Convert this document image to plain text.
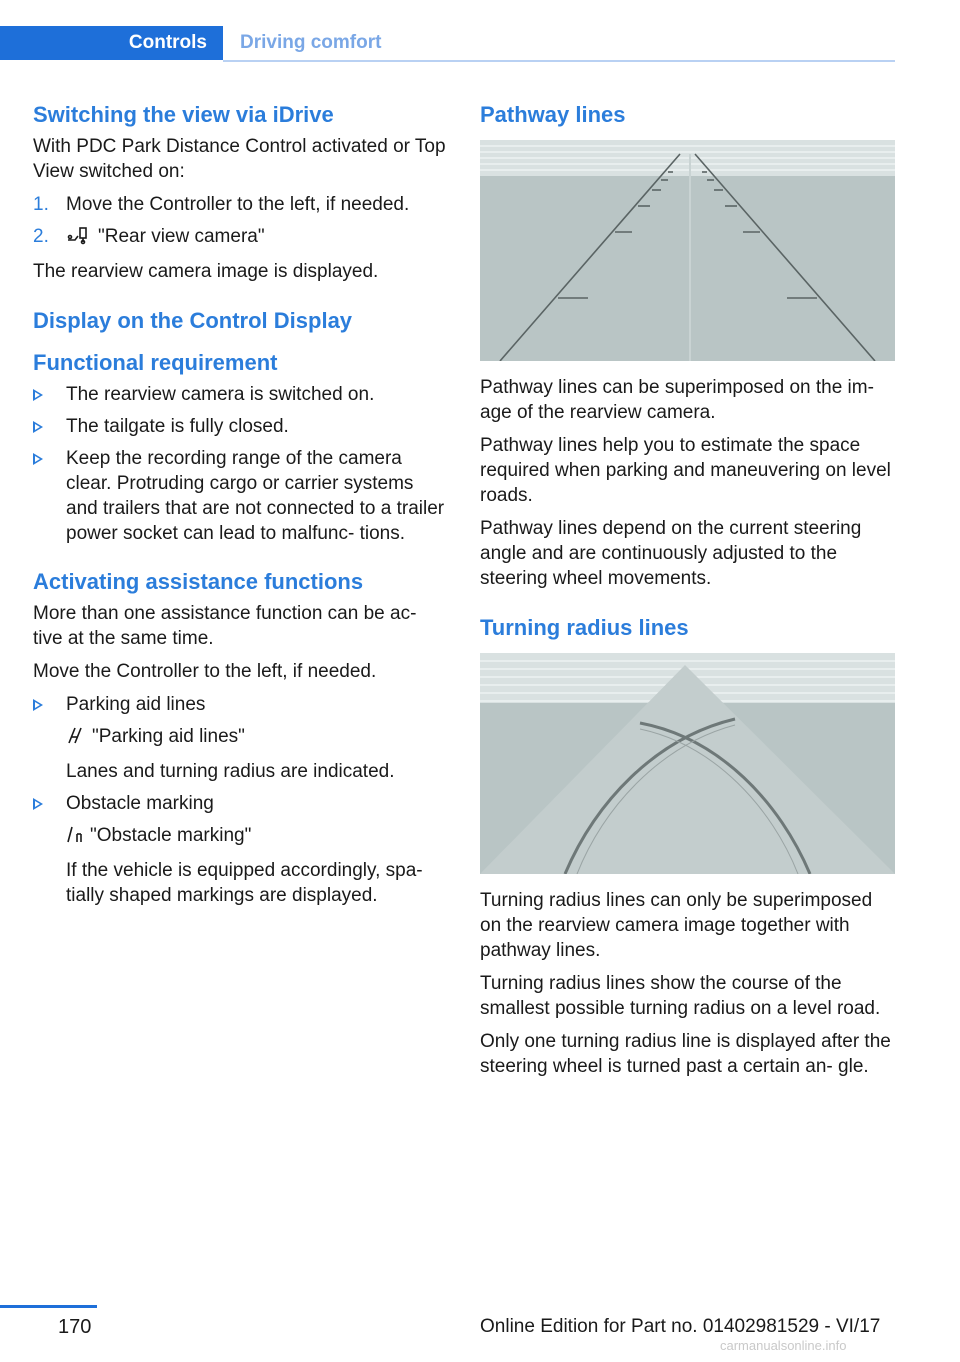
Controls Driving comfort
Switching the view via iDrive

With PDC Park Distance Control activated or Top View switched on:

1. Move the Controller to the left, if needed.
2.	"Rear view camera"

The rearview camera image is displayed.

Display on the Control Display
Functional requirement
The rearview camera is switched on.
The tailgate is fully closed.
Keep the recording range of the camera clear. Protruding cargo or carrier systems and trailers that are not connected to a trailer power socket can lead to malfunc‐ tions.
Activating assistance functions

More than one assistance function can be ac‐ tive at the same time.

Move the Controller to the left, if needed.

Parking aid lines
"Parking aid lines"
Lanes and turning radius are indicated.
Obstacle marking
"Obstacle marking"
If the vehicle is equipped accordingly, spa‐ tially shaped markings are displayed.
Pathway lines

Pathway lines can be superimposed on the im‐ age of the rearview camera.

Pathway lines help you to estimate the space required when parking and maneuvering on level roads.

Pathway lines depend on the current steering angle and are continuously adjusted to the steering wheel movements.

Turning radius lines

Turning radius lines can only be superimposed on the rearview camera image together with pathway lines.

Turning radius lines show the course of the smallest possible turning radius on a level road.

Only one turning radius line is displayed after the steering wheel is turned past a certain an‐ gle.

170	Online Edition for Part no. 01402981529 - VI/17
carmanualsonline.info
